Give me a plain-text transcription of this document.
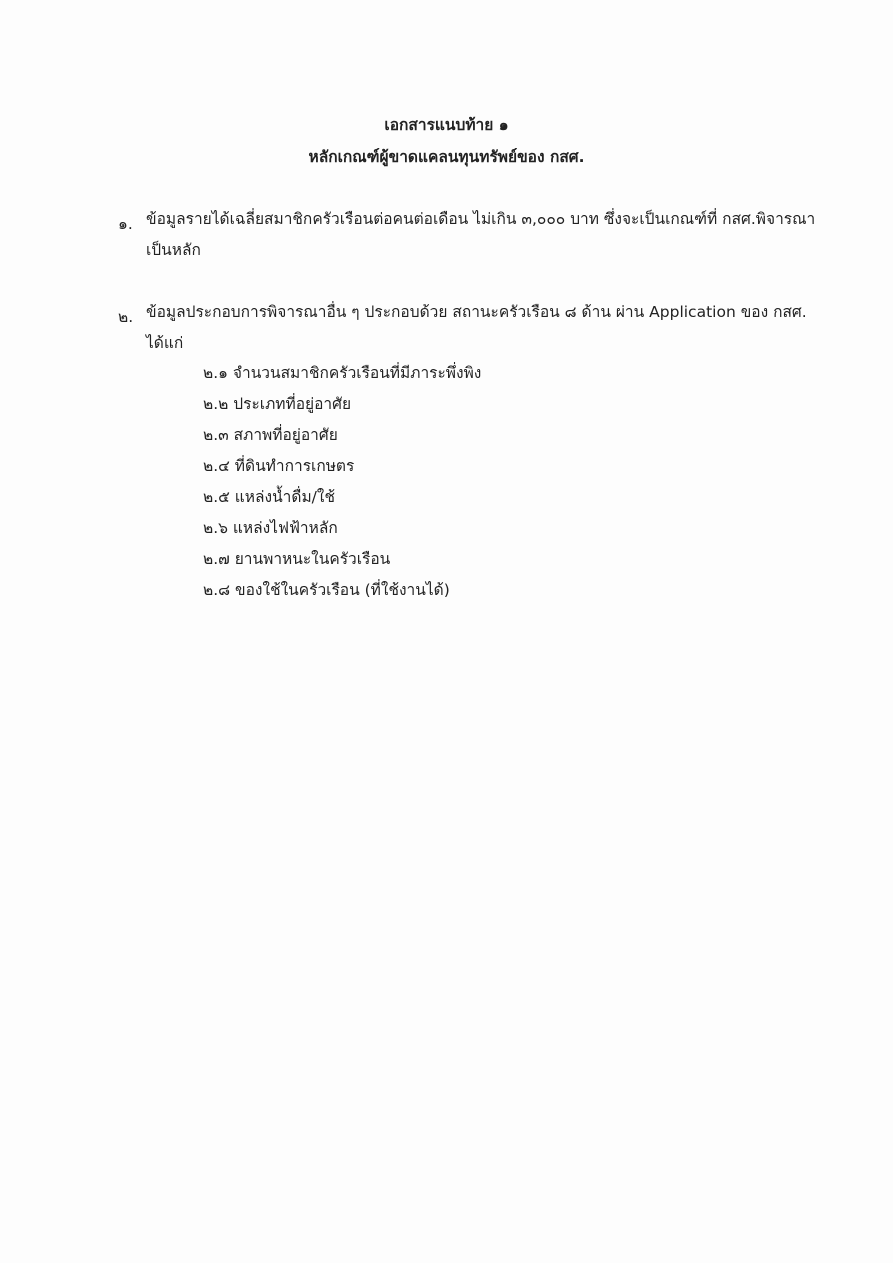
เอกสารแนบท้าย ๑
หลักเกณฑ์ผู้ขาดแคลนทุนทรัพย์ของ กสศ.
๑. ข้อมูลรายได้เฉลี่ยสมาชิกครัวเรือนต่อคนต่อเดือน ไม่เกิน ๓,๐๐๐ บาท ซึ่งจะเป็นเกณฑ์ที่ กสศ.พิจารณาเป็นหลัก
๒. ข้อมูลประกอบการพิจารณาอื่น ๆ ประกอบด้วย สถานะครัวเรือน ๘ ด้าน ผ่าน Application ของ กสศ. ได้แก่
๒.๑ จำนวนสมาชิกครัวเรือนที่มีภาระพึ่งพิง
๒.๒ ประเภทที่อยู่อาศัย
๒.๓ สภาพที่อยู่อาศัย
๒.๔ ที่ดินทำการเกษตร
๒.๕ แหล่งน้ำดื่ม/ใช้
๒.๖ แหล่งไฟฟ้าหลัก
๒.๗ ยานพาหนะในครัวเรือน
๒.๘ ของใช้ในครัวเรือน (ที่ใช้งานได้)
